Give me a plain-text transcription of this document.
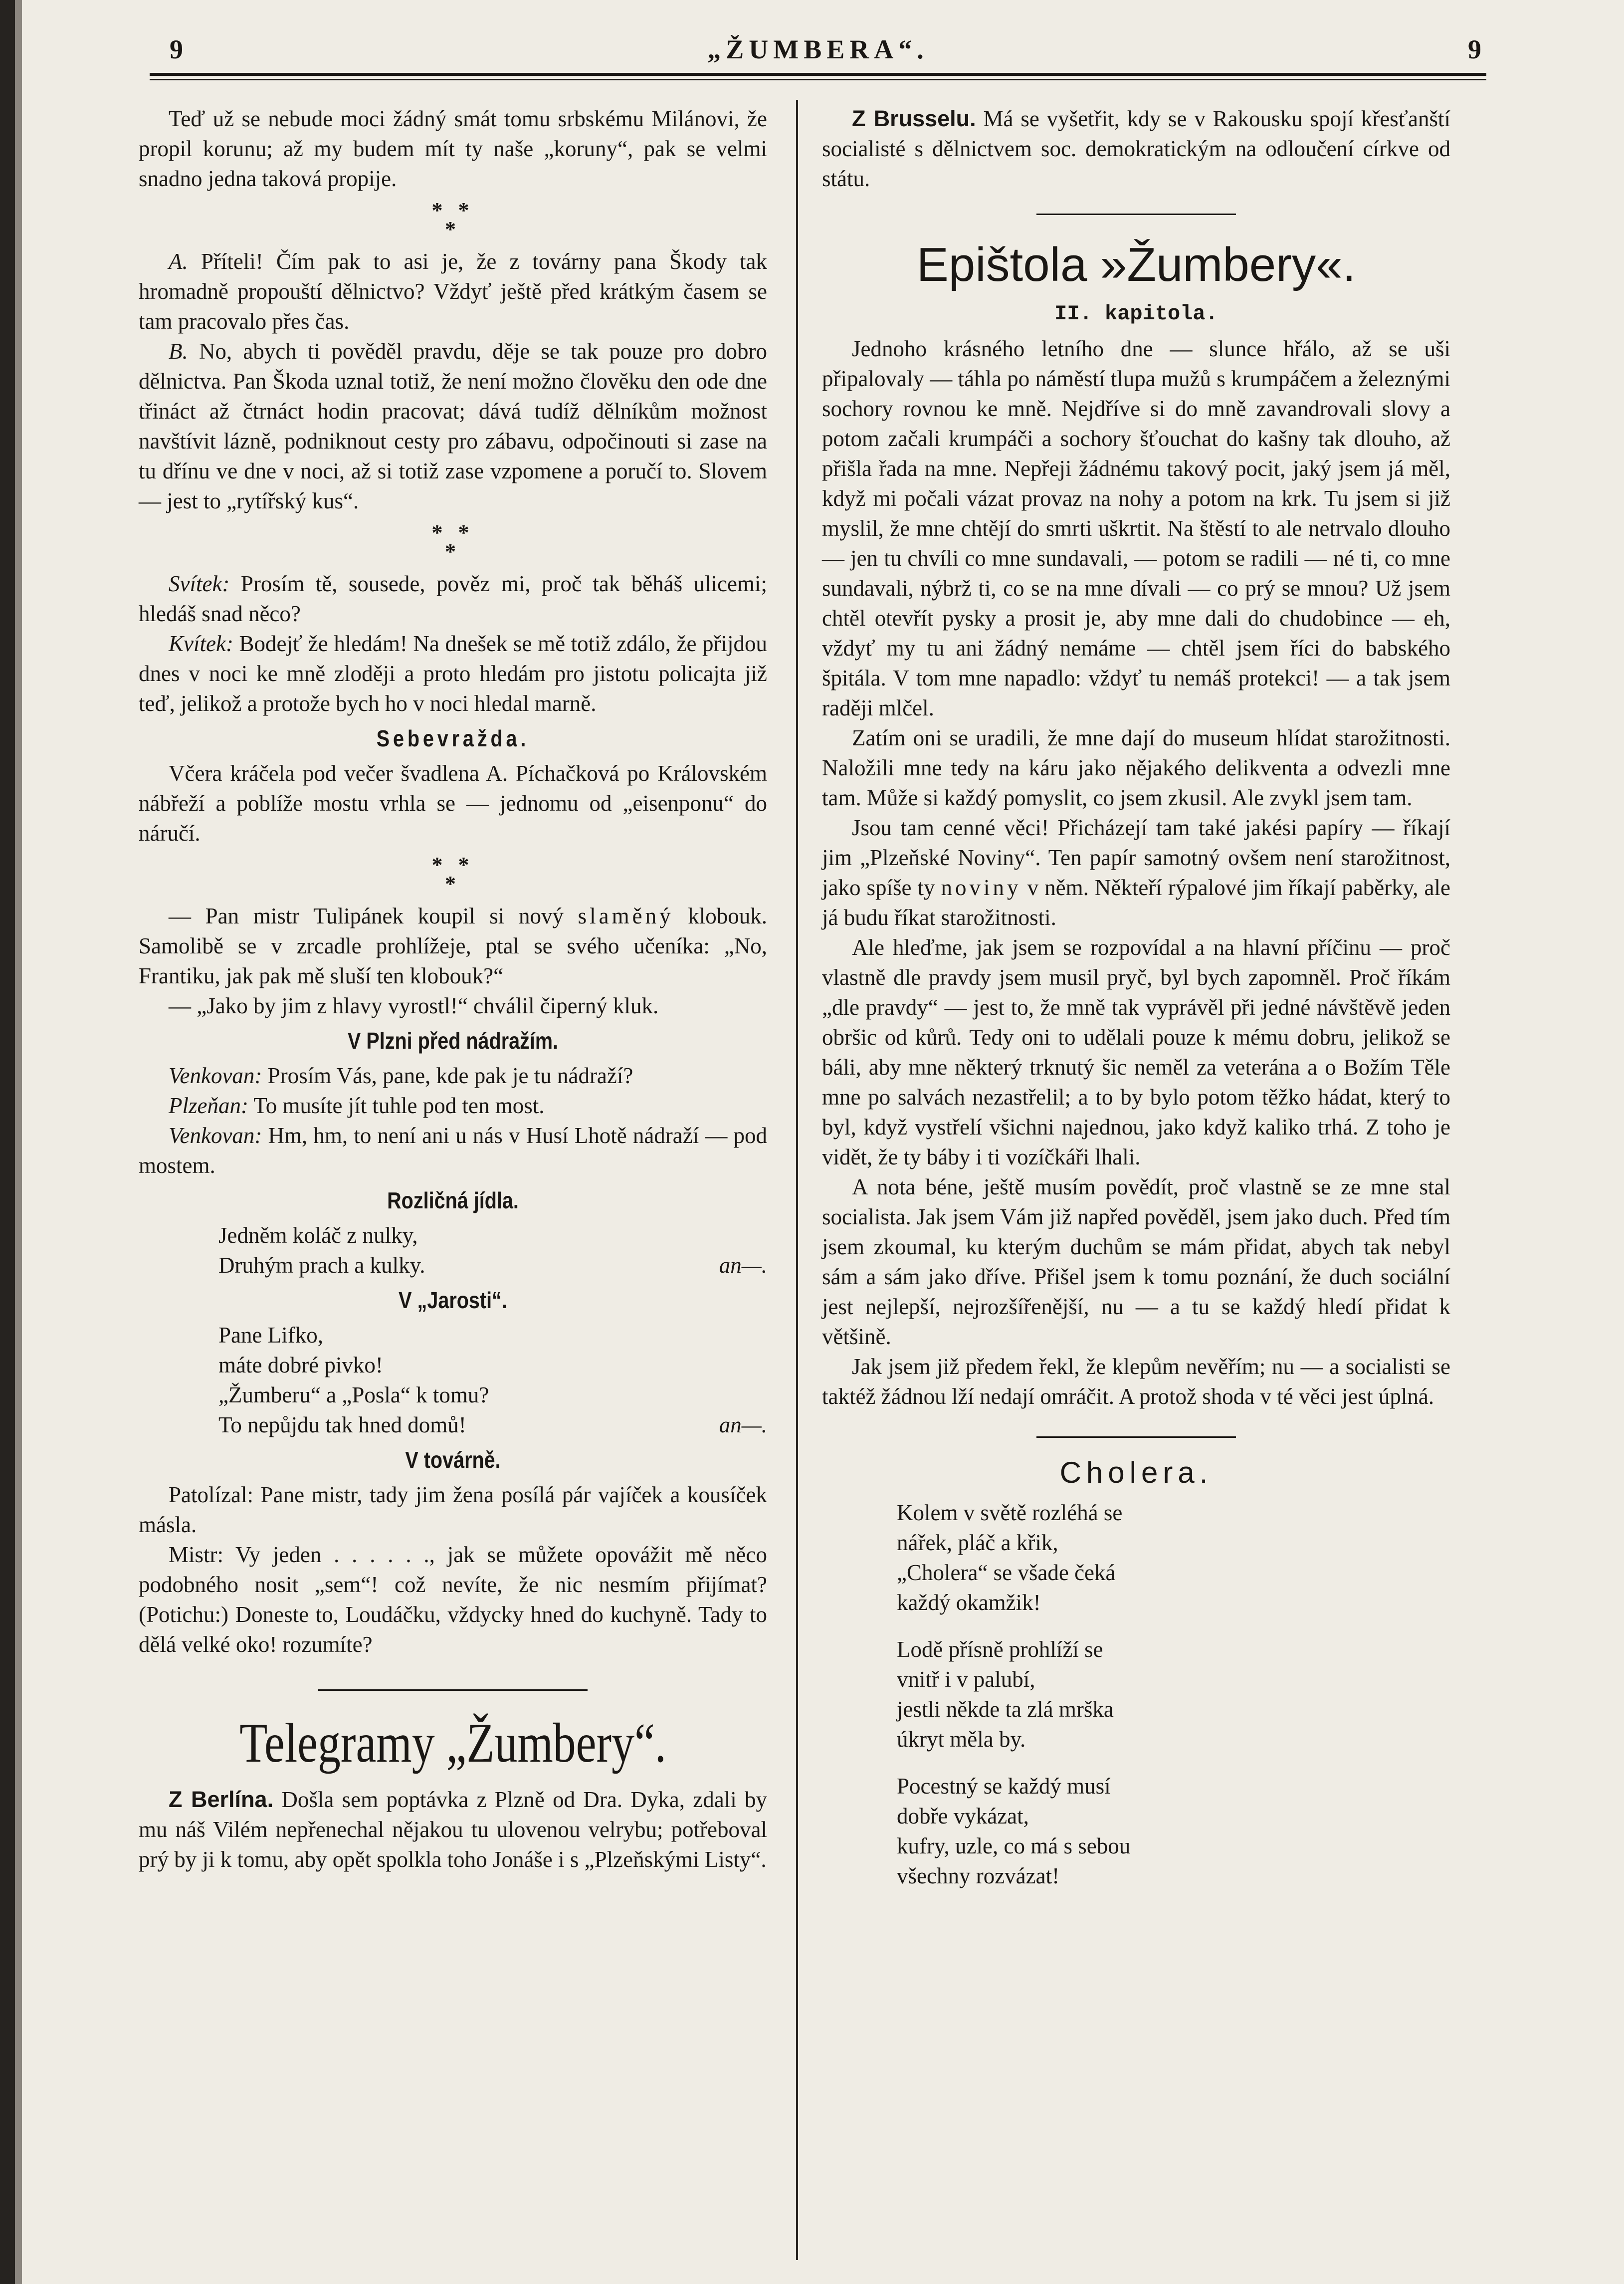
9	„ŽUMBERA“.	9

Teď už se nebude moci žádný smát tomu srbskému Milánovi, že propil korunu; až my budem mít ty naše „koruny“, pak se velmi snadno jedna taková propije.

* *
*

A. Příteli! Čím pak to asi je, že z továrny pana Škody tak hromadně propouští dělnictvo? Vždyť ještě před krátkým časem se tam pracovalo přes čas.

B. No, abych ti pověděl pravdu, děje se tak pouze pro dobro dělnictva. Pan Škoda uznal totiž, že není možno člověku den ode dne třináct až čtrnáct hodin pracovat; dává tudíž dělníkům možnost navštívit lázně, podniknout cesty pro zábavu, odpočinouti si zase na tu dřínu ve dne v noci, až si totiž zase vzpomene a poručí to. Slovem — jest to „rytířský kus“.

* *
*

Svítek: Prosím tě, sousede, pověz mi, proč tak běháš ulicemi; hledáš snad něco?

Kvítek: Bodejť že hledám! Na dnešek se mě totiž zdálo, že přijdou dnes v noci ke mně zloději a proto hledám pro jistotu policajta již teď, jelikož a protože bych ho v noci hledal marně.

Sebevražda.

Včera kráčela pod večer švadlena A. Píchačková po Královském nábřeží a poblíže mostu vrhla se — jednomu od „eisenponu“ do náručí.

* *
*

— Pan mistr Tulipánek koupil si nový slaměný klobouk. Samolibě se v zrcadle prohlížeje, ptal se svého učeníka: „No, Frantiku, jak pak mě sluší ten klobouk?“

— „Jako by jim z hlavy vyrostl!“ chválil čiperný kluk.

V Plzni před nádražím.

Venkovan: Prosím Vás, pane, kde pak je tu nádraží?

Plzeňan: To musíte jít tuhle pod ten most.

Venkovan: Hm, hm, to není ani u nás v Husí Lhotě nádraží — pod mostem.

Rozličná jídla.
Jedněm koláč z nulky,
Druhým prach a kulky.	an—.
V „Jarosti“.
Pane Lifko,
máte dobré pivko!
„Žumberu“ a „Posla“ k tomu?
To nepůjdu tak hned domů!	an—.
V továrně.

Patolízal: Pane mistr, tady jim žena posílá pár vajíček a kousíček másla.

Mistr: Vy jeden . . . . . ., jak se můžete opovážit mě něco podobného nosit „sem“! což nevíte, že nic nesmím přijímat? (Potichu:) Doneste to, Loudáčku, vždycky hned do kuchyně. Tady to dělá velké oko! rozumíte?

Telegramy „Žumbery“.

Z Berlína. Došla sem poptávka z Plzně od Dra. Dyka, zdali by mu náš Vilém nepřenechal nějakou tu ulovenou velrybu; potřeboval prý by ji k tomu, aby opět spolkla toho Jonáše i s „Plzeňskými Listy“.

Z Brusselu. Má se vyšetřit, kdy se v Rakousku spojí křesťanští socialisté s dělnictvem soc. demokratickým na odloučení církve od státu.

Epištola »Žumbery«.
II. kapitola.

Jednoho krásného letního dne — slunce hřálo, až se uši připalovaly — táhla po náměstí tlupa mužů s krumpáčem a železnými sochory rovnou ke mně. Nejdříve si do mně zavandrovali slovy a potom začali krumpáči a sochory šťouchat do kašny tak dlouho, až přišla řada na mne. Nepřeji žádnému takový pocit, jaký jsem já měl, když mi počali vázat provaz na nohy a potom na krk. Tu jsem si již myslil, že mne chtějí do smrti uškrtit. Na štěstí to ale netrvalo dlouho — jen tu chvíli co mne sundavali, — potom se radili — né ti, co mne sundavali, nýbrž ti, co se na mne dívali — co prý se mnou? Už jsem chtěl otevřít pysky a prosit je, aby mne dali do chudobince — eh, vždyť my tu ani žádný nemáme — chtěl jsem říci do babského špitála. V tom mne napadlo: vždyť tu nemáš protekci! — a tak jsem raději mlčel.

Zatím oni se uradili, že mne dají do museum hlídat starožitnosti. Naložili mne tedy na káru jako nějakého delikventa a odvezli mne tam. Může si každý pomyslit, co jsem zkusil. Ale zvykl jsem tam.

Jsou tam cenné věci! Přicházejí tam také jakési papíry — říkají jim „Plzeňské Noviny“. Ten papír samotný ovšem není starožitnost, jako spíše ty noviny v něm. Někteří rýpalové jim říkají paběrky, ale já budu říkat starožitnosti.

Ale hleďme, jak jsem se rozpovídal a na hlavní příčinu — proč vlastně dle pravdy jsem musil pryč, byl bych zapomněl. Proč říkám „dle pravdy“ — jest to, že mně tak vyprávěl při jedné návštěvě jeden obršic od kůrů. Tedy oni to udělali pouze k mému dobru, jelikož se báli, aby mne některý trknutý šic neměl za veterána a o Božím Těle mne po salvách nezastřelil; a to by bylo potom těžko hádat, který to byl, když vystřelí všichni najednou, jako když kaliko trhá. Z toho je vidět, že ty báby i ti vozíčkáři lhali.

A nota béne, ještě musím povědít, proč vlastně se ze mne stal socialista. Jak jsem Vám již napřed pověděl, jsem jako duch. Před tím jsem zkoumal, ku kterým duchům se mám přidat, abych tak nebyl sám a sám jako dříve. Přišel jsem k tomu poznání, že duch sociální jest nejlepší, nejrozšířenější, nu — a tu se každý hledí přidat k většině.

Jak jsem již předem řekl, že klepům nevěřím; nu — a socialisti se taktéž žádnou lží nedají omráčit. A protož shoda v té věci jest úplná.

Cholera.
Kolem v světě rozléhá se
nářek, pláč a křik,
„Cholera“ se všade čeká
každý okamžik!
Lodě přísně prohlíží se
vnitř i v palubí,
jestli někde ta zlá mrška
úkryt měla by.
Pocestný se každý musí
dobře vykázat,
kufry, uzle, co má s sebou
všechny rozvázat!
